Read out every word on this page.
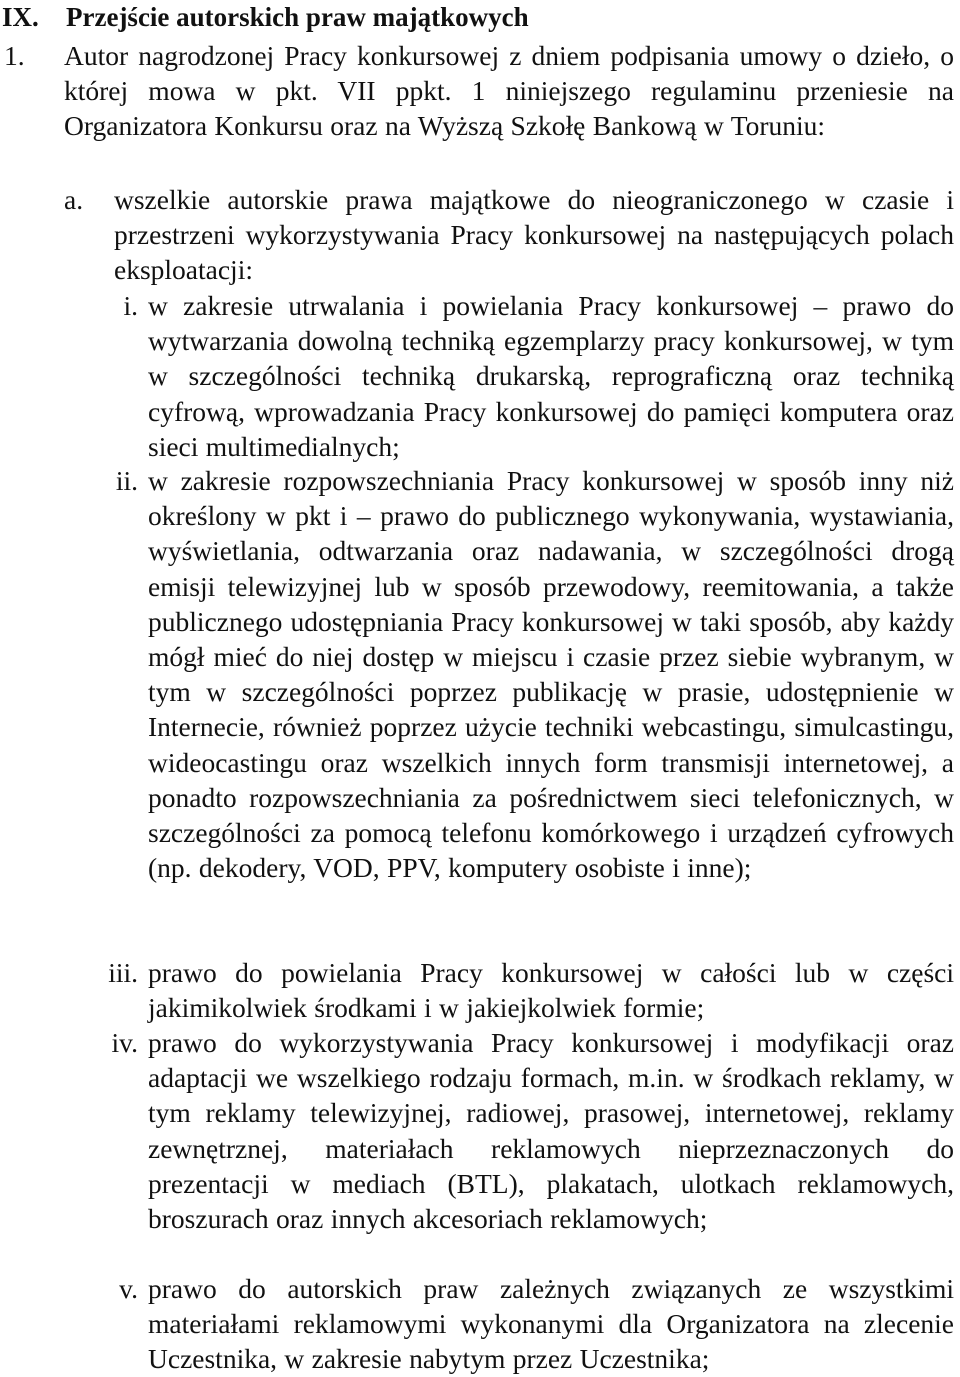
IX. Przejście autorskich praw majątkowych
1. Autor nagrodzonej Pracy konkursowej z dniem podpisania umowy o dzieło, o której mowa w pkt. VII ppkt. 1 niniejszego regulaminu przeniesie na Organizatora Konkursu oraz na Wyższą Szkołę Bankową w Toruniu:
a. wszelkie autorskie prawa majątkowe do nieograniczonego w czasie i przestrzeni wykorzystywania Pracy konkursowej na następujących polach eksploatacji:
i. w zakresie utrwalania i powielania Pracy konkursowej – prawo do wytwarzania dowolną techniką egzemplarzy pracy konkursowej, w tym w szczególności techniką drukarską, reprograficzną oraz techniką cyfrową, wprowadzania Pracy konkursowej do pamięci komputera oraz sieci multimedialnych;
ii. w zakresie rozpowszechniania Pracy konkursowej w sposób inny niż określony w pkt i – prawo do publicznego wykonywania, wystawiania, wyświetlania, odtwarzania oraz nadawania, w szczególności drogą emisji telewizyjnej lub w sposób przewodowy, reemitowania, a także publicznego udostępniania Pracy konkursowej w taki sposób, aby każdy mógł mieć do niej dostęp w miejscu i czasie przez siebie wybranym, w tym w szczególności poprzez publikację w prasie, udostępnienie w Internecie, również poprzez użycie techniki webcastingu, simulcastingu, wideocastingu oraz wszelkich innych form transmisji internetowej, a ponadto rozpowszechniania za pośrednictwem sieci telefonicznych, w szczególności za pomocą telefonu komórkowego i urządzeń cyfrowych (np. dekodery, VOD, PPV, komputery osobiste i inne);
iii. prawo do powielania Pracy konkursowej w całości lub w części jakimikolwiek środkami i w jakiejkolwiek formie;
iv. prawo do wykorzystywania Pracy konkursowej i modyfikacji oraz adaptacji we wszelkiego rodzaju formach, m.in. w środkach reklamy, w tym reklamy telewizyjnej, radiowej, prasowej, internetowej, reklamy zewnętrznej, materiałach reklamowych nieprzeznaczonych do prezentacji w mediach (BTL), plakatach, ulotkach reklamowych, broszurach oraz innych akcesoriach reklamowych;
v. prawo do autorskich praw zależnych związanych ze wszystkimi materiałami reklamowymi wykonanymi dla Organizatora na zlecenie Uczestnika, w zakresie nabytym przez Uczestnika;
